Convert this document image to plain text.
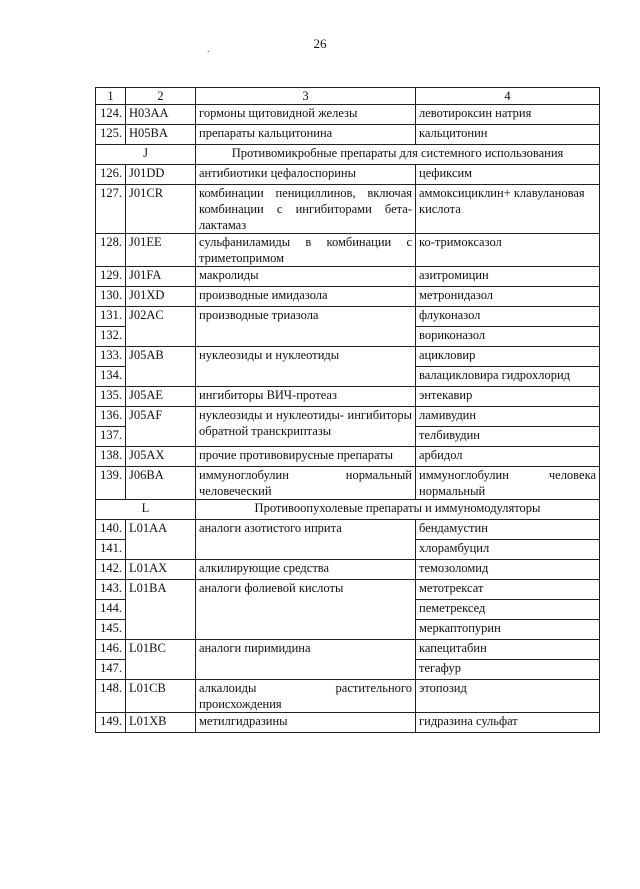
26
.
1	2	3	4
124.	H03AA	гормоны щитовидной железы	левотироксин натрия
125.	H05BA	препараты кальцитонина	кальцитонин
J		Противомикробные препараты для системного использования	
126.	J01DD	антибиотики цефалоспорины	цефиксим
127.	J01CR	комбинации пенициллинов, включая комбинации с ингибиторами бета-лактамаз	аммоксициклин+ клавулановая кислота
128.	J01EE	сульфаниламиды в комбинации с триметопримом	ко-тримоксазол
129.	J01FA	макролиды	азитромицин
130.	J01XD	производные имидазола	метронидазол
131.	J02AC	производные триазола	флуконазол
132.			вориконазол
133.	J05AB	нуклеозиды и нуклеотиды	ацикловир
134.			валацикловира гидрохлорид
135.	J05AE	ингибиторы ВИЧ-протеаз	энтекавир
136.	J05AF	нуклеозиды и нуклеотиды- ингибиторы обратной транскриптазы	ламивудин
137.			телбивудин
138.	J05AX	прочие противовирусные препараты	арбидол
139.	J06BA	иммуноглобулин нормальный человеческий	иммуноглобулин человека нормальный
L		Противоопухолевые препараты и иммуномодуляторы	
140.	L01AA	аналоги азотистого иприта	бендамустин
141.			хлорамбуцил
142.	L01AX	алкилирующие средства	темозоломид
143.	L01BA	аналоги фолиевой кислоты	метотрексат
144.			пеметрексед
145.			меркаптопурин
146.	L01BC	аналоги пиримидина	капецитабин
147.			тегафур
148.	L01CB	алкалоиды растительного происхождения	этопозид
149.	L01XB	метилгидразины	гидразина сульфат
